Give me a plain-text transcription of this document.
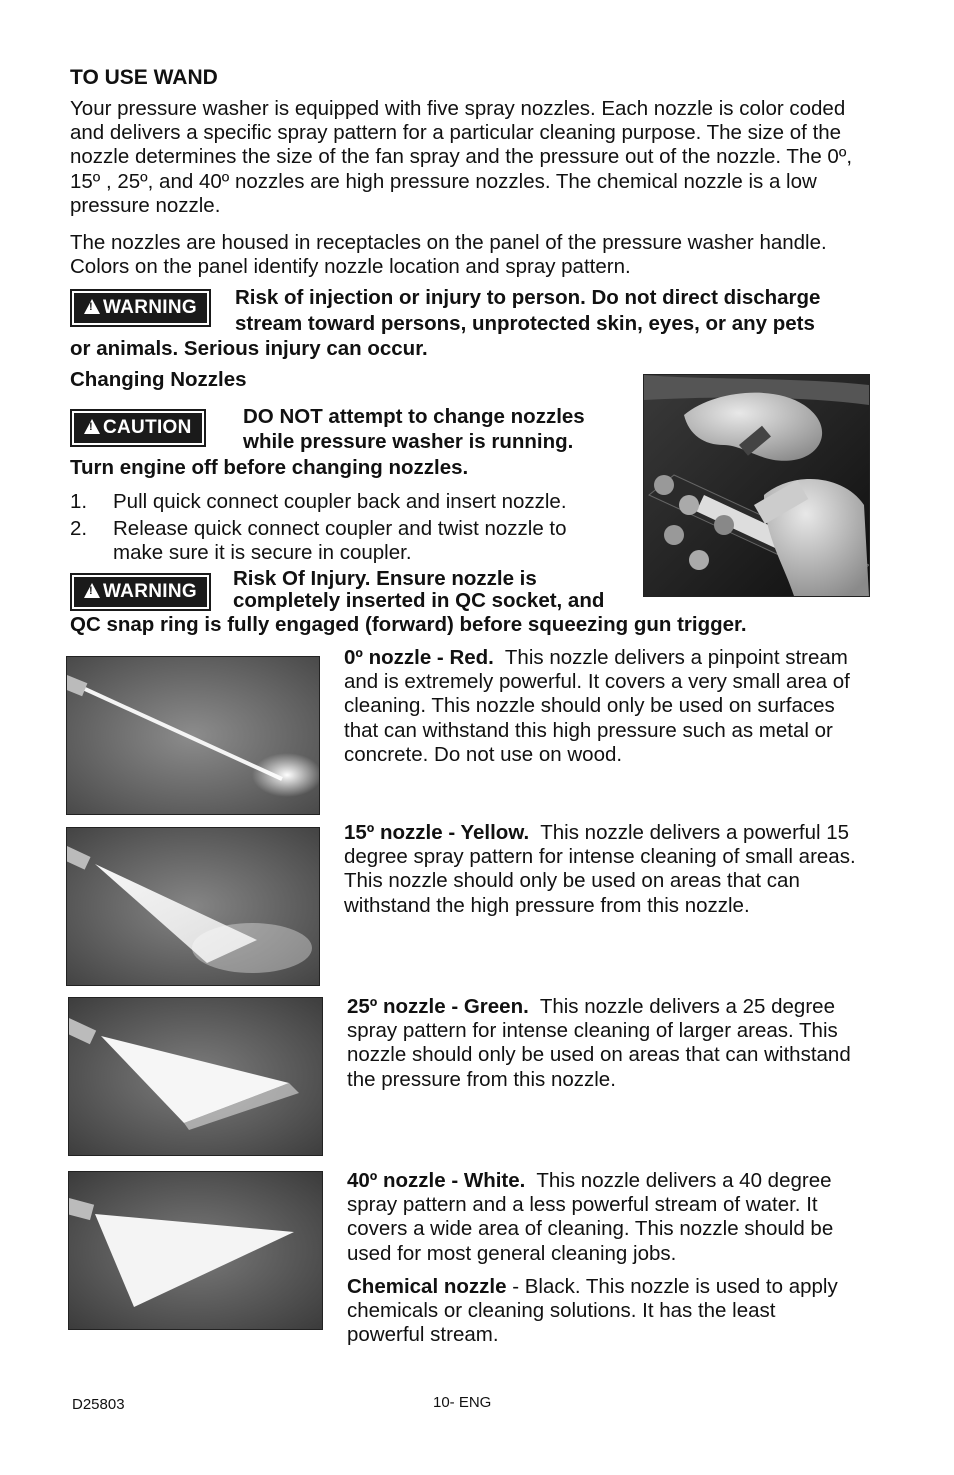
TO USE WAND
Your pressure washer is equipped with five spray nozzles. Each nozzle is color coded and delivers a specific spray pattern for a particular cleaning purpose. The size of the nozzle determines the size of the fan spray and the pressure out of the nozzle. The 0º, 15º , 25º, and 40º nozzles are high pressure nozzles. The chemical nozzle is a low pressure nozzle.
The nozzles are housed in receptacles on the panel of the pressure washer handle. Colors on the panel identify nozzle location and spray pattern.
!WARNING	Risk of injection or injury to person. Do not direct discharge stream toward persons, unprotected skin, eyes, or any pets
or animals. Serious injury can occur.
Changing Nozzles
!CAUTION	DO NOT attempt to change nozzles while pressure washer is running.
Turn engine off before changing nozzles.
1. Pull quick connect coupler back and insert nozzle.
2. Release quick connect coupler and twist nozzle to make sure it is secure in coupler.
!WARNING
Risk Of Injury. Ensure nozzle is completely inserted in QC socket, and
QC snap ring is fully engaged (forward) before squeezing gun trigger.
0º nozzle - Red. This nozzle delivers a pinpoint stream and is extremely powerful. It covers a very small area of cleaning. This nozzle should only be used on surfaces that can withstand this high pressure such as metal or concrete. Do not use on wood.
15º nozzle - Yellow. This nozzle delivers a powerful 15 degree spray pattern for intense cleaning of small areas. This nozzle should only be used on areas that can withstand the high pressure from this nozzle.
25º nozzle - Green. This nozzle delivers a 25 degree spray pattern for intense cleaning of larger areas. This nozzle should only be used on areas that can withstand the pressure from this nozzle.
40º nozzle - White. This nozzle delivers a 40 degree spray pattern and a less powerful stream of water. It covers a wide area of cleaning. This nozzle should be used for most general cleaning jobs.
Chemical nozzle - Black. This nozzle is used to apply chemicals or cleaning solutions. It has the least powerful stream.
D25803	10- ENG
